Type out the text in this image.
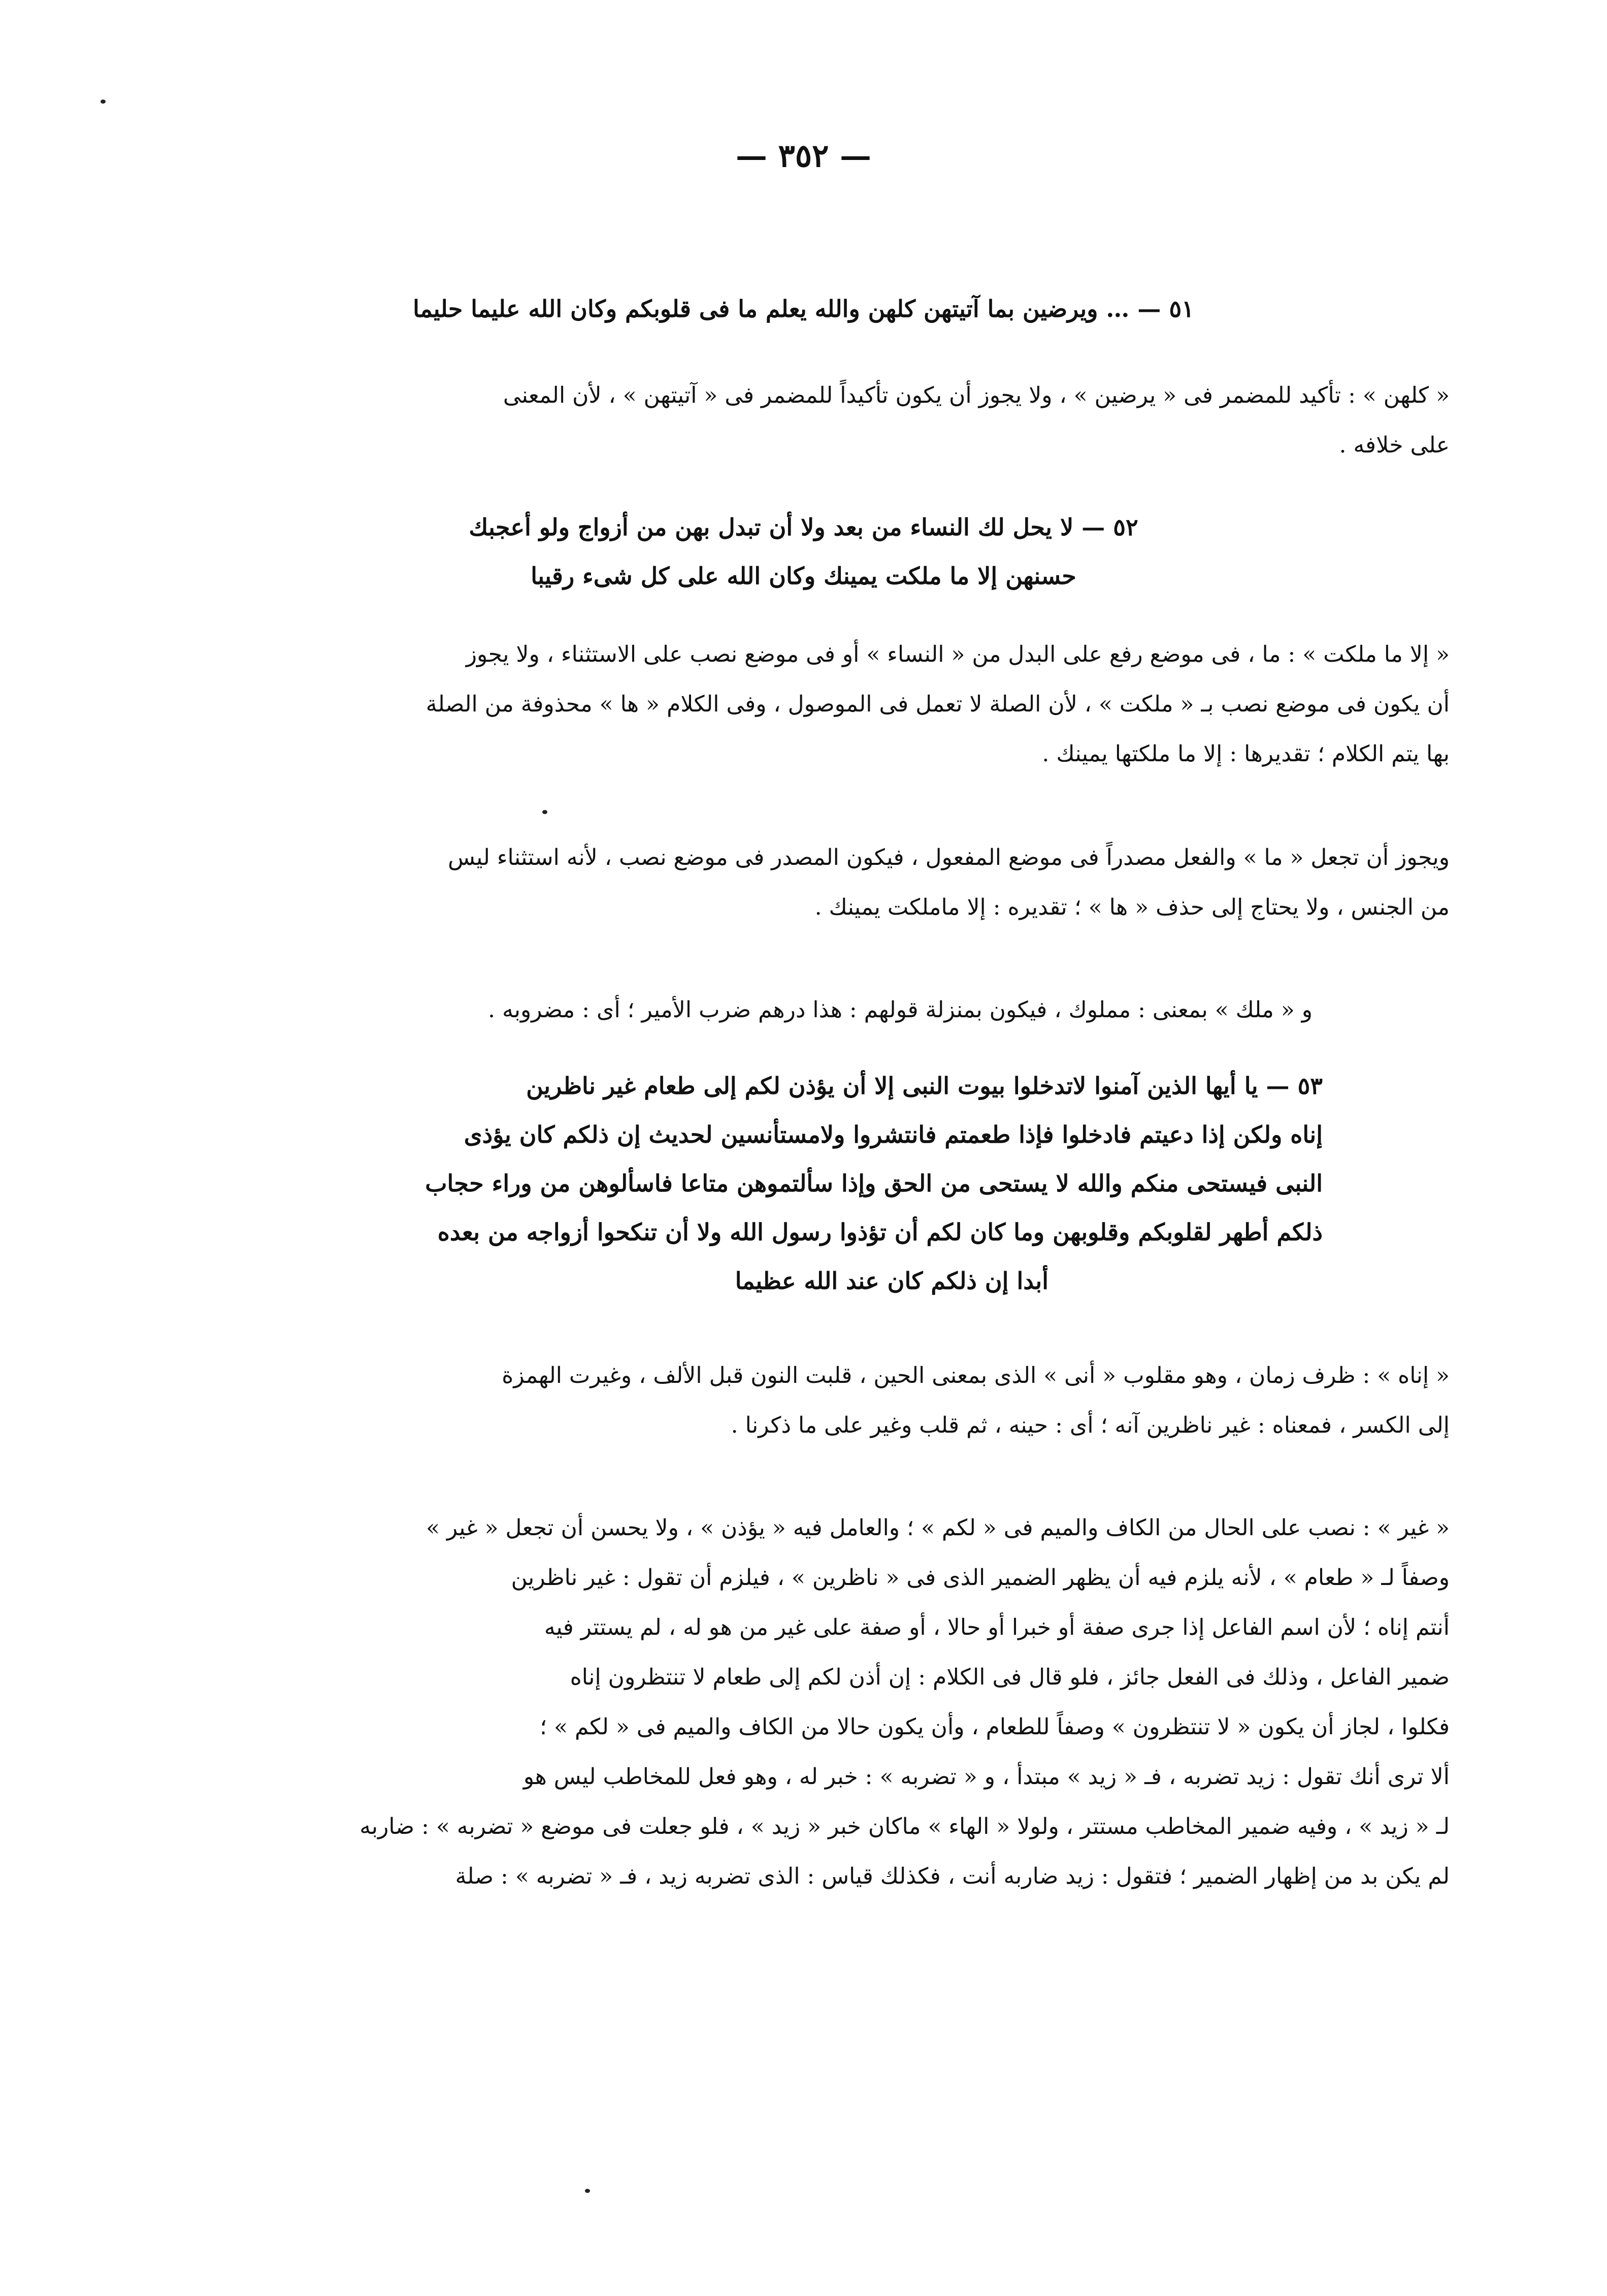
— ٣٥٢ —
٥١ — … ويرضين بما آتيتهن كلهن والله يعلم ما فى قلوبكم وكان الله عليما حليما
« كلهن » : تأكيد للمضمر فى « يرضين » ، ولا يجوز أن يكون تأكيداً للمضمر فى « آتيتهن » ، لأن المعنى
على خلافه .
٥٢ — لا يحل لك النساء من بعد ولا أن تبدل بهن من أزواج ولو أعجبك
حسنهن إلا ما ملكت يمينك وكان الله على كل شىء رقيبا
« إلا ما ملكت » : ما ، فى موضع رفع على البدل من « النساء » أو فى موضع نصب على الاستثناء ، ولا يجوز
أن يكون فى موضع نصب بـ « ملكت » ، لأن الصلة لا تعمل فى الموصول ، وفى الكلام « ها » محذوفة من الصلة
بها يتم الكلام ؛ تقديرها : إلا ما ملكتها يمينك .
ويجوز أن تجعل « ما » والفعل مصدراً فى موضع المفعول ، فيكون المصدر فى موضع نصب ، لأنه استثناء ليس
من الجنس ، ولا يحتاج إلى حذف « ها » ؛ تقديره : إلا ماملكت يمينك .
و « ملك » بمعنى : مملوك ، فيكون بمنزلة قولهم : هذا درهم ضرب الأمير ؛ أى : مضروبه .
٥٣ — يا أيها الذين آمنوا لاتدخلوا بيوت النبى إلا أن يؤذن لكم إلى طعام غير ناظرين
إناه ولكن إذا دعيتم فادخلوا فإذا طعمتم فانتشروا ولامستأنسين لحديث إن ذلكم كان يؤذى
النبى فيستحى منكم والله لا يستحى من الحق وإذا سألتموهن متاعا فاسألوهن من وراء حجاب
ذلكم أطهر لقلوبكم وقلوبهن وما كان لكم أن تؤذوا رسول الله ولا أن تنكحوا أزواجه من بعده
أبدا إن ذلكم كان عند الله عظيما
« إناه » : ظرف زمان ، وهو مقلوب « أنى » الذى بمعنى الحين ، قلبت النون قبل الألف ، وغيرت الهمزة
إلى الكسر ، فمعناه : غير ناظرين آنه ؛ أى : حينه ، ثم قلب وغير على ما ذكرنا .
« غير » : نصب على الحال من الكاف والميم فى « لكم » ؛ والعامل فيه « يؤذن » ، ولا يحسن أن تجعل « غير »
وصفاً لـ « طعام » ، لأنه يلزم فيه أن يظهر الضمير الذى فى « ناظرين » ، فيلزم أن تقول : غير ناظرين
أنتم إناه ؛ لأن اسم الفاعل إذا جرى صفة أو خبرا أو حالا ، أو صفة على غير من هو له ، لم يستتر فيه
ضمير الفاعل ، وذلك فى الفعل جائز ، فلو قال فى الكلام : إن أذن لكم إلى طعام لا تنتظرون إناه
فكلوا ، لجاز أن يكون « لا تنتظرون » وصفاً للطعام ، وأن يكون حالا من الكاف والميم فى « لكم » ؛
ألا ترى أنك تقول : زيد تضربه ، فـ « زيد » مبتدأ ، و « تضربه » : خبر له ، وهو فعل للمخاطب ليس هو
لـ « زيد » ، وفيه ضمير المخاطب مستتر ، ولولا « الهاء » ماكان خبر « زيد » ، فلو جعلت فى موضع « تضربه » : ضاربه
لم يكن بد من إظهار الضمير ؛ فتقول : زيد ضاربه أنت ، فكذلك قياس : الذى تضربه زيد ، فـ « تضربه » : صلة
